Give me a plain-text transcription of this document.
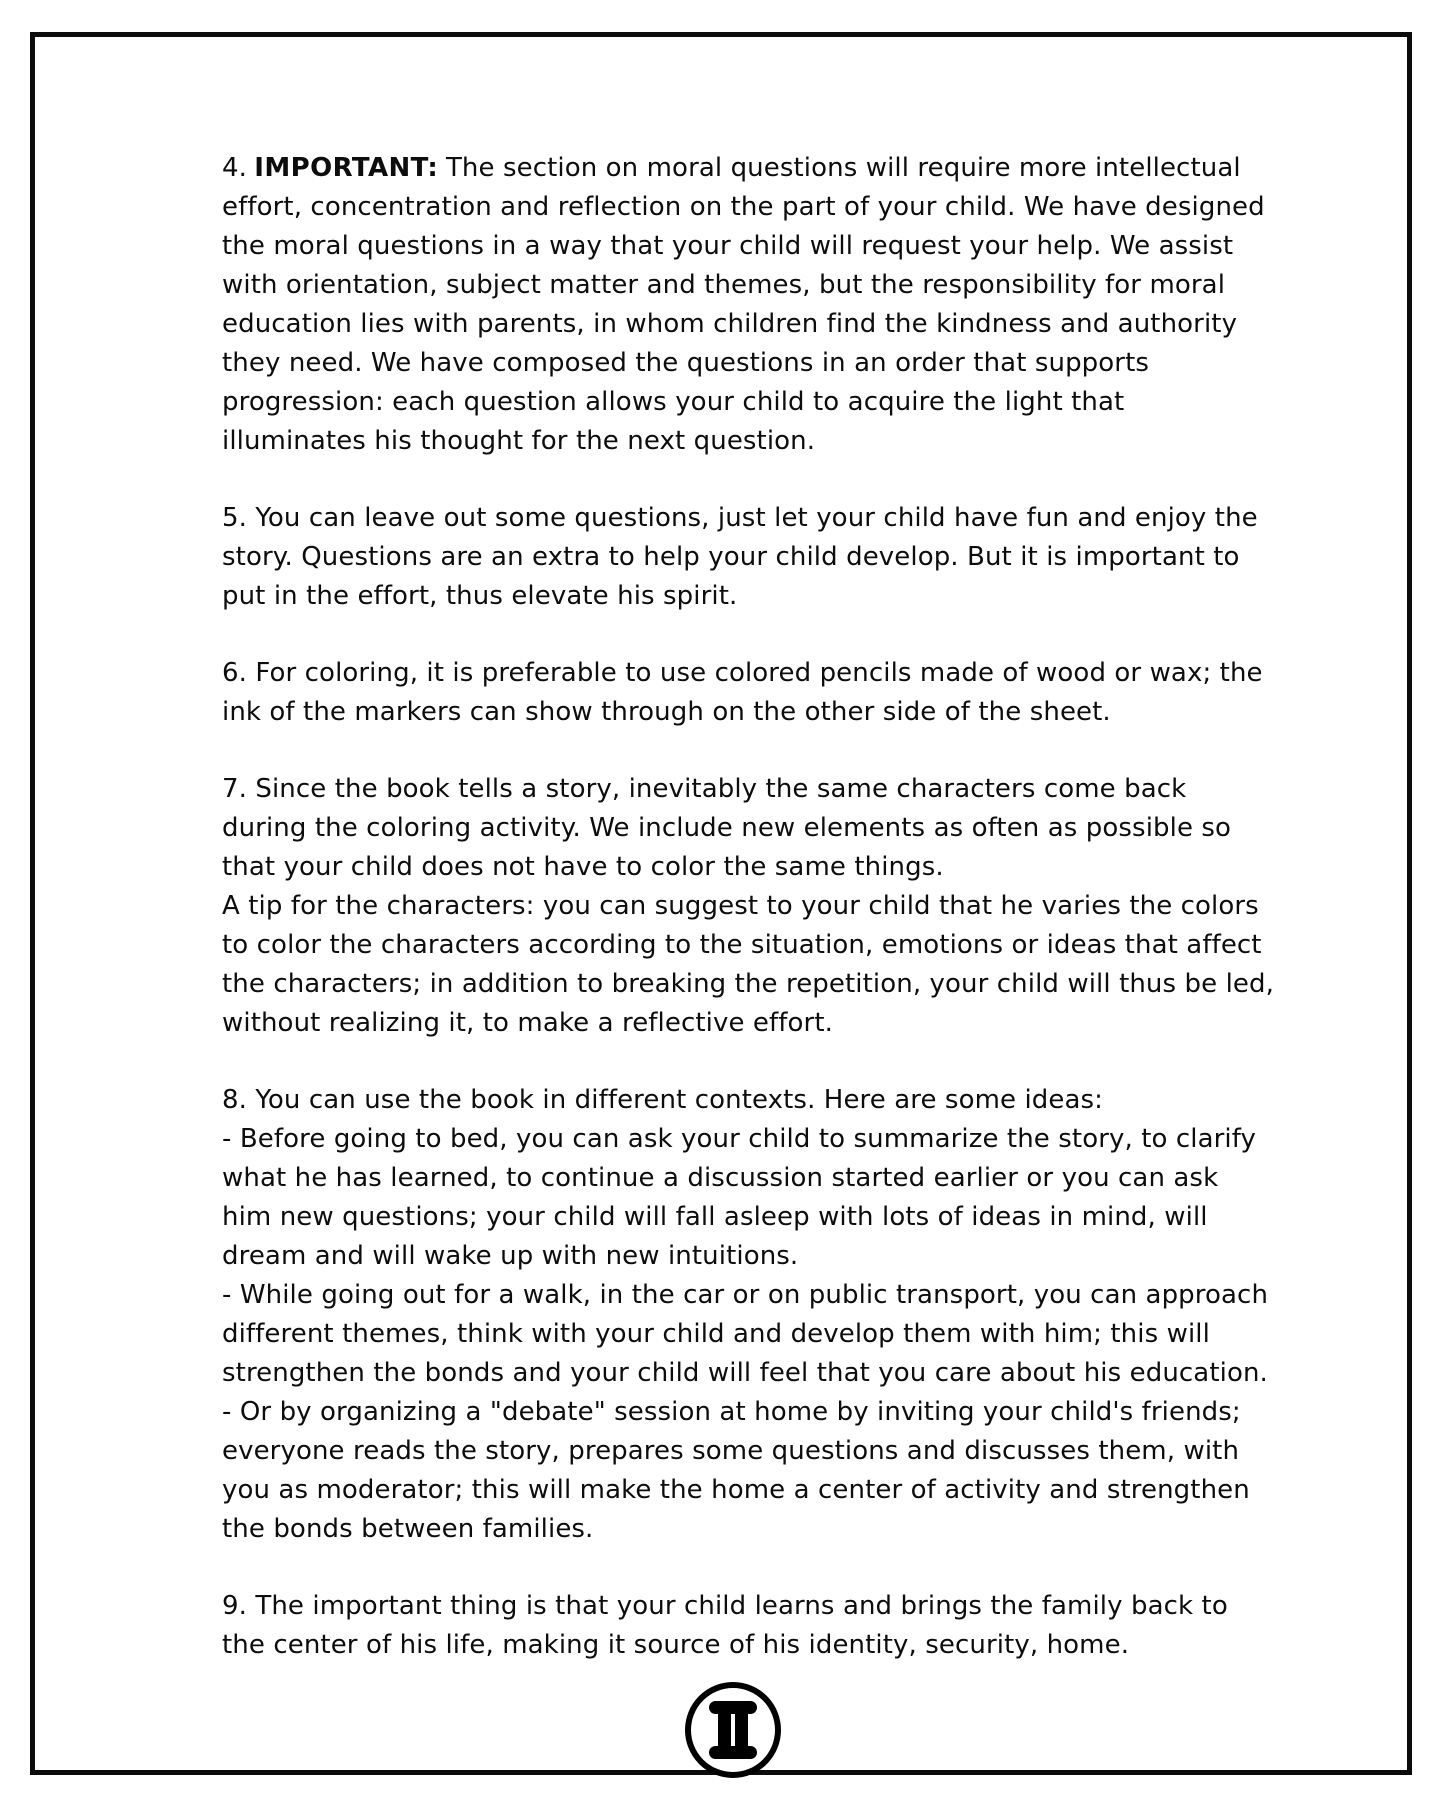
4. IMPORTANT: The section on moral questions will require more intellectual effort, concentration and reflection on the part of your child. We have designed the moral questions in a way that your child will request your help. We assist with orientation, subject matter and themes, but the responsibility for moral education lies with parents, in whom children find the kindness and authority they need. We have composed the questions in an order that supports progression: each question allows your child to acquire the light that illuminates his thought for the next question.

5. You can leave out some questions, just let your child have fun and enjoy the story. Questions are an extra to help your child develop. But it is important to put in the effort, thus elevate his spirit.

6. For coloring, it is preferable to use colored pencils made of wood or wax; the ink of the markers can show through on the other side of the sheet.

7. Since the book tells a story, inevitably the same characters come back during the coloring activity. We include new elements as often as possible so that your child does not have to color the same things.

A tip for the characters: you can suggest to your child that he varies the colors to color the characters according to the situation, emotions or ideas that affect the characters; in addition to breaking the repetition, your child will thus be led, without realizing it, to make a reflective effort.

8. You can use the book in different contexts. Here are some ideas:

- Before going to bed, you can ask your child to summarize the story, to clarify what he has learned, to continue a discussion started earlier or you can ask him new questions; your child will fall asleep with lots of ideas in mind, will dream and will wake up with new intuitions.

- While going out for a walk, in the car or on public transport, you can approach different themes, think with your child and develop them with him; this will strengthen the bonds and your child will feel that you care about his education.

- Or by organizing a "debate" session at home by inviting your child's friends; everyone reads the story, prepares some questions and discusses them, with you as moderator; this will make the home a center of activity and strengthen the bonds between families.

9. The important thing is that your child learns and brings the family back to the center of his life, making it source of his identity, security, home.
